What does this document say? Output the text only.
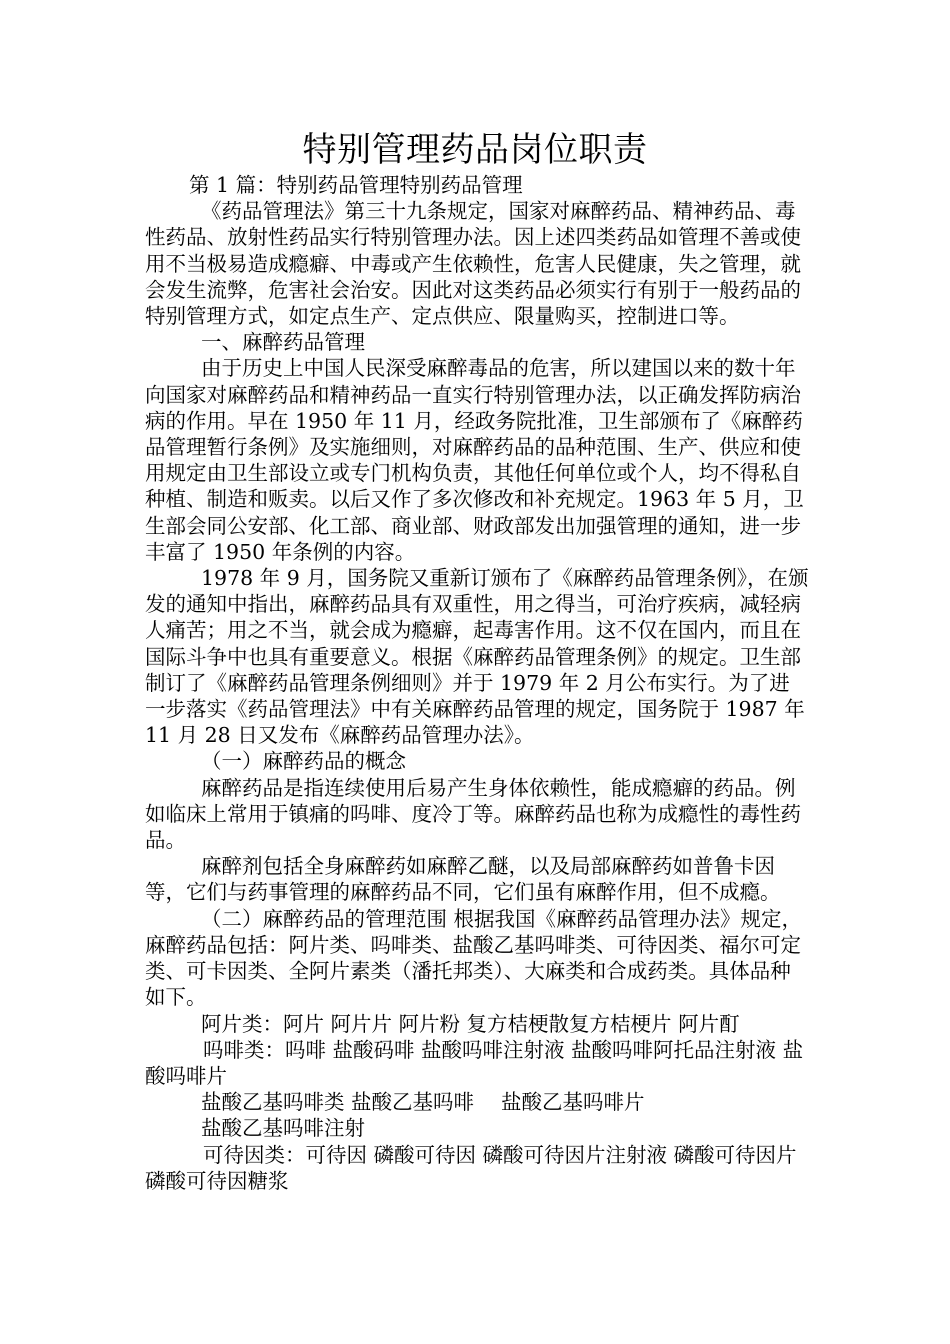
特别管理药品岗位职责

第 1 篇：特别药品管理特别药品管理

《药品管理法》第三十九条规定，国家对麻醉药品、精神药品、毒性药品、放射性药品实行特别管理办法。因上述四类药品如管理不善或使用不当极易造成瘾癖、中毒或产生依赖性，危害人民健康，失之管理，就会发生流弊，危害社会治安。因此对这类药品必须实行有别于一般药品的特别管理方式，如定点生产、定点供应、限量购买，控制进口等。

一、麻醉药品管理

由于历史上中国人民深受麻醉毒品的危害，所以建国以来的数十年向国家对麻醉药品和精神药品一直实行特别管理办法，以正确发挥防病治病的作用。早在 1950 年 11 月，经政务院批准，卫生部颁布了《麻醉药品管理暂行条例》及实施细则，对麻醉药品的品种范围、生产、供应和使用规定由卫生部设立或专门机构负责，其他任何单位或个人，均不得私自种植、制造和贩卖。以后又作了多次修改和补充规定。1963 年 5 月，卫生部会同公安部、化工部、商业部、财政部发出加强管理的通知，进一步丰富了 1950 年条例的内容。

1978 年 9 月，国务院又重新订颁布了《麻醉药品管理条例》，在颁发的通知中指出，麻醉药品具有双重性，用之得当，可治疗疾病，减轻病人痛苦；用之不当，就会成为瘾癖，起毒害作用。这不仅在国内，而且在国际斗争中也具有重要意义。根据《麻醉药品管理条例》的规定。卫生部制订了《麻醉药品管理条例细则》并于 1979 年 2 月公布实行。为了进一步落实《药品管理法》中有关麻醉药品管理的规定，国务院于 1987 年 11 月 28 日又发布《麻醉药品管理办法》。

（一）麻醉药品的概念

麻醉药品是指连续使用后易产生身体依赖性，能成瘾癖的药品。例如临床上常用于镇痛的吗啡、度冷丁等。麻醉药品也称为成瘾性的毒性药品。

麻醉剂包括全身麻醉药如麻醉乙醚，以及局部麻醉药如普鲁卡因等，它们与药事管理的麻醉药品不同，它们虽有麻醉作用，但不成瘾。

（二）麻醉药品的管理范围 根据我国《麻醉药品管理办法》规定，麻醉药品包括：阿片类、吗啡类、盐酸乙基吗啡类、可待因类、福尔可定类、可卡因类、全阿片素类（潘托邦类）、大麻类和合成药类。具体品种如下。

阿片类：阿片 阿片片 阿片粉 复方桔梗散复方桔梗片 阿片酊

吗啡类：吗啡 盐酸码啡 盐酸吗啡注射液 盐酸吗啡阿托品注射液 盐酸吗啡片

盐酸乙基吗啡类 盐酸乙基吗啡 　盐酸乙基吗啡片

盐酸乙基吗啡注射

可待因类：可待因 磷酸可待因 磷酸可待因片注射液 磷酸可待因片 磷酸可待因糖浆
